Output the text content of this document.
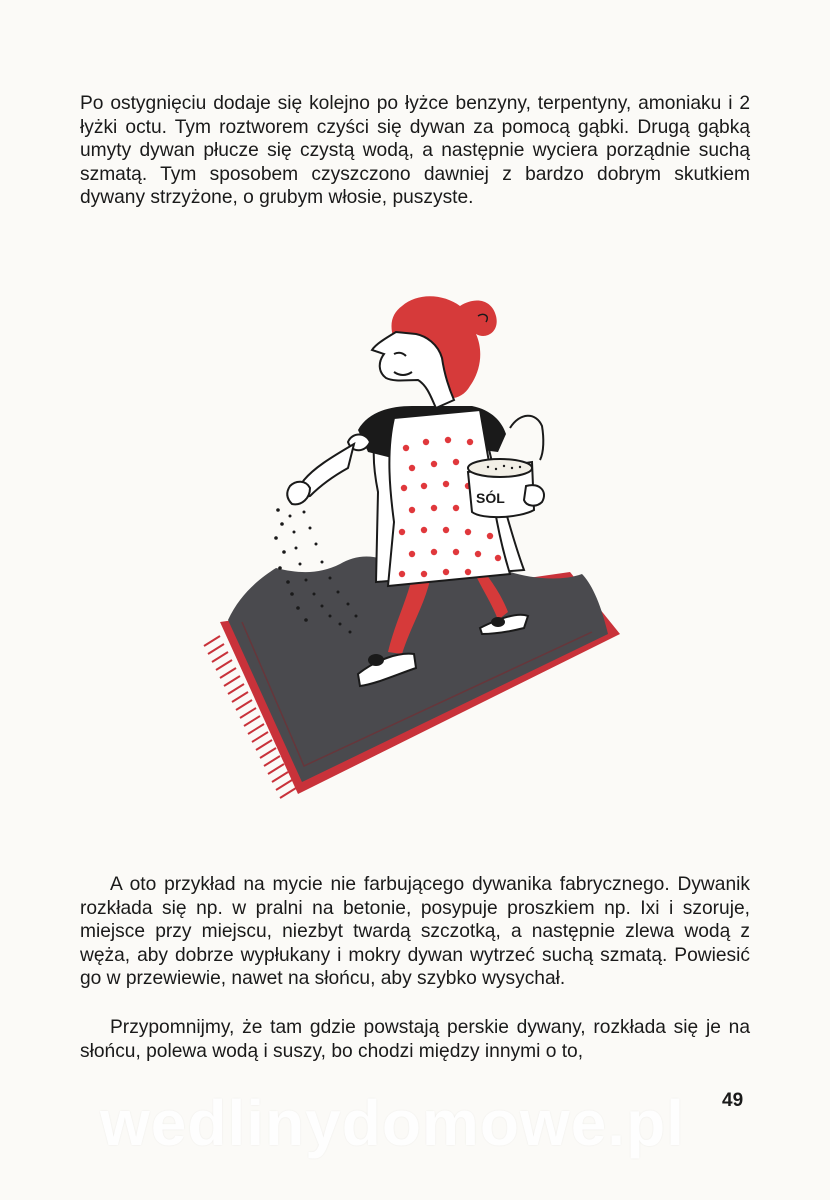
Po ostygnięciu dodaje się kolejno po łyżce benzyny, terpentyny, amoniaku i 2 łyżki octu. Tym roztworem czyści się dywan za pomocą gąbki. Drugą gąbką umyty dywan płucze się czystą wodą, a następnie wyciera porządnie suchą szmatą. Tym sposobem czyszczono dawniej z bardzo dobrym skutkiem dywany strzyżone, o grubym włosie, puszyste.

SÓL

A oto przykład na mycie nie farbującego dywanika fabrycznego. Dywanik rozkłada się np. w pralni na betonie, posypuje proszkiem np. Ixi i szoruje, miejsce przy miejscu, niezbyt twardą szczotką, a następnie zlewa wodą z węża, aby dobrze wypłukany i mokry dywan wytrzeć suchą szmatą. Powiesić go w przewiewie, nawet na słońcu, aby szybko wysychał.

Przypomnijmy, że tam gdzie powstają perskie dywany, rozkłada się je na słońcu, polewa wodą i suszy, bo chodzi między innymi o to,

49
wedlinydomowe.pl
